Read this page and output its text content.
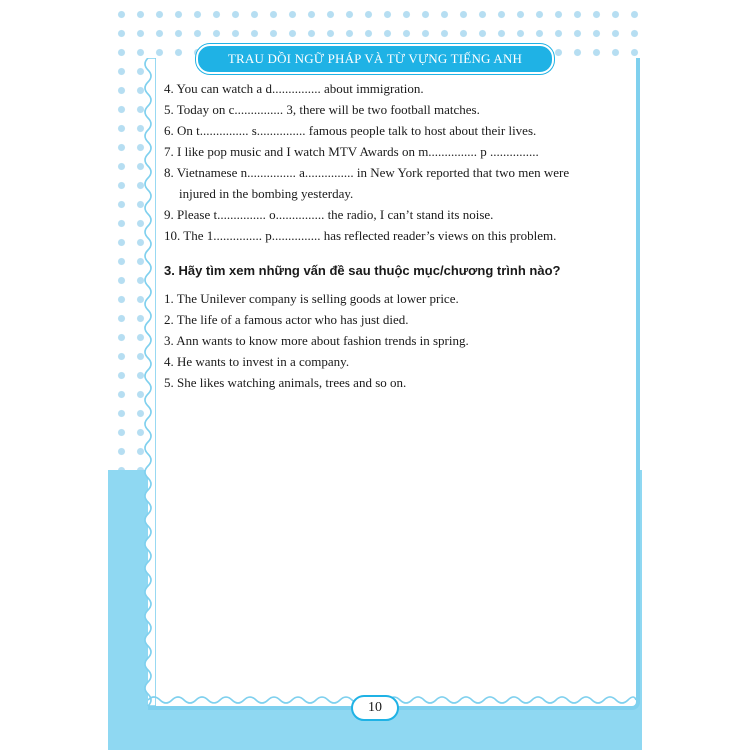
TRAU DỒI NGỮ PHÁP VÀ TỪ VỰNG TIẾNG ANH

4. You can watch a d............... about immigration.

5. Today on c............... 3, there will be two football matches.

6. On t............... s............... famous people talk to host about their lives.

7. I like pop music and I watch MTV Awards on m............... p ...............

8. Vietnamese n............... a............... in New York reported that two men were

injured in the bombing yesterday.

9. Please t............... o............... the radio, I can’t stand its noise.

10. The 1............... p............... has reflected reader’s views on this problem.

3. Hãy tìm xem những vấn đề sau thuộc mục/chương trình nào?

1. The Unilever company is selling goods at lower price.

2. The life of a famous actor who has just died.

3. Ann wants to know more about fashion trends in spring.

4. He wants to invest in a company.

5. She likes watching animals, trees and so on.

10
